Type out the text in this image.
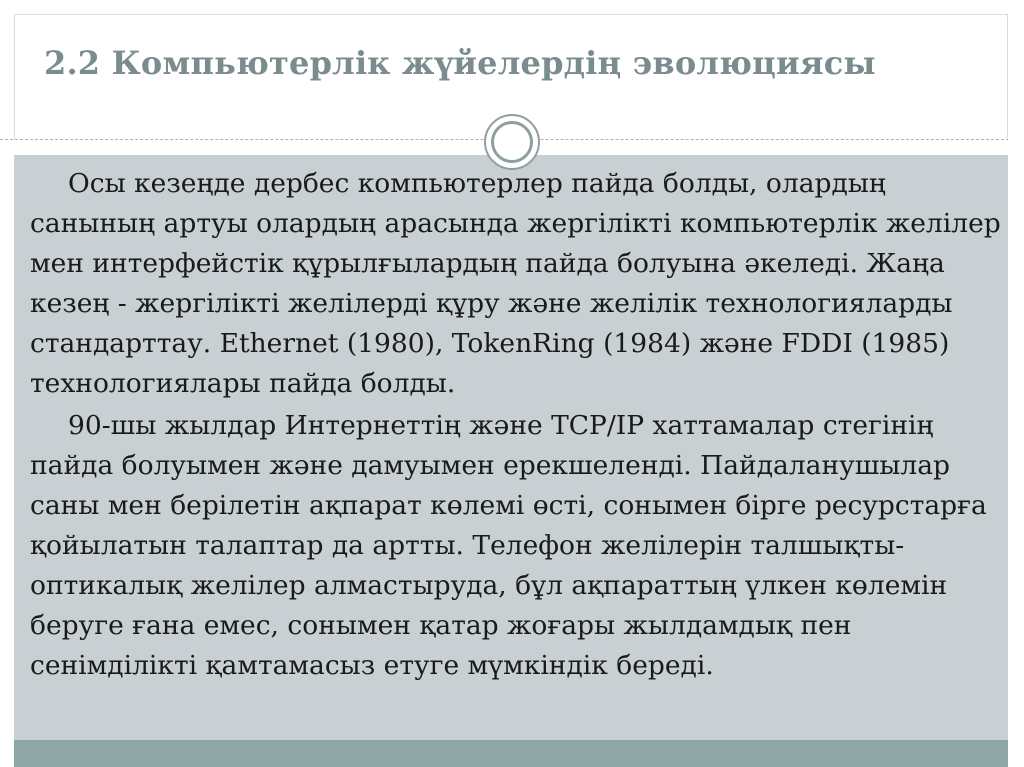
2.2 Компьютерлік жүйелердің эволюциясы

Осы кезеңде дербес компьютерлер пайда болды, олардың санының артуы олардың арасында жергілікті компьютерлік желілер мен интерфейстік құрылғылардың пайда болуына әкеледі. Жаңа кезең - жергілікті желілерді құру және желілік технологияларды стандарттау. Ethernet (1980), TokenRing (1984) және FDDI (1985) технологиялары пайда болды.

90-шы жылдар Интернеттің және TCP/IP хаттамалар стегінің пайда болуымен және дамуымен ерекшеленді. Пайдаланушылар саны мен берілетін ақпарат көлемі өсті, сонымен бірге ресурстарға қойылатын талаптар да артты. Телефон желілерін талшықты-оптикалық желілер алмастыруда, бұл ақпараттың үлкен көлемін беруге ғана емес, сонымен қатар жоғары жылдамдық пен сенімділікті қамтамасыз етуге мүмкіндік береді.
